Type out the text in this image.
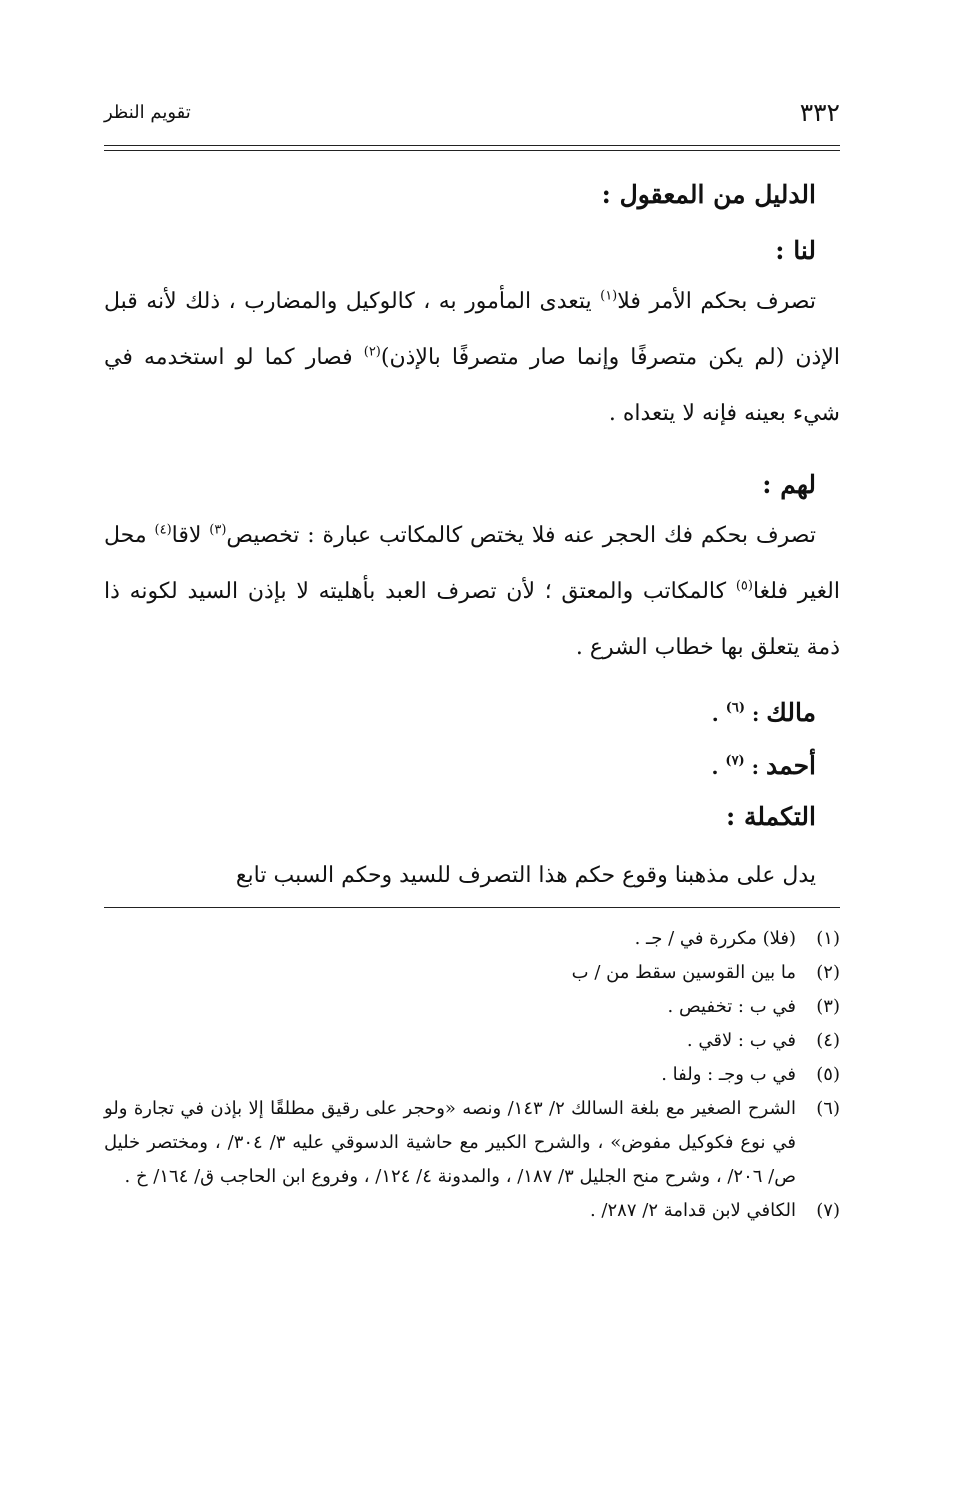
٣٣٢
تقويم النظر

الدليل من المعقول :

لنا :

تصرف بحكم الأمر فلا$^{(١)}$ يتعدى المأمور به ، كالوكيل والمضارب ، ذلك لأنه قبل الإذن (لم يكن متصرفًا وإنما صار متصرفًا بالإذن)$^{(٢)}$ فصار كما لو استخدمه في شيء بعينه فإنه لا يتعداه .

لهم :

تصرف بحكم فك الحجر عنه فلا يختص كالمكاتب عبارة : تخصيص$^{(٣)}$ لاقا$^{(٤)}$ محل الغير فلغا$^{(٥)}$ كالمكاتب والمعتق ؛ لأن تصرف العبد بأهليته لا بإذن السيد لكونه ذا ذمة يتعلق بها خطاب الشرع .

مالك : $^{(٦)}$ .

أحمد : $^{(٧)}$ .

التكملة :

يدل على مذهبنا وقوع حكم هذا التصرف للسيد وحكم السبب تابع

(١)
(فلا) مكررة في / جـ .
(٢)
ما بين القوسين سقط من / ب
(٣)
في ب : تخفيص .
(٤)
في ب : لاقي .
(٥)
في ب وجـ : ولفا .
(٦)
الشرح الصغير مع بلغة السالك ٢/ ١٤٣/ ونصه «وحجر على رقيق مطلقًا إلا بإذن في تجارة ولو في نوع فكوكيل مفوض» ، والشرح الكبير مع حاشية الدسوقي عليه ٣/ ٣٠٤/ ، ومختصر خليل ص/ ٢٠٦/ ، وشرح منح الجليل ٣/ ١٨٧/ ، والمدونة ٤/ ١٢٤/ ، وفروع ابن الحاجب ق/ ١٦٤/ خ .
(٧)
الكافي لابن قدامة ٢/ ٢٨٧/ .
